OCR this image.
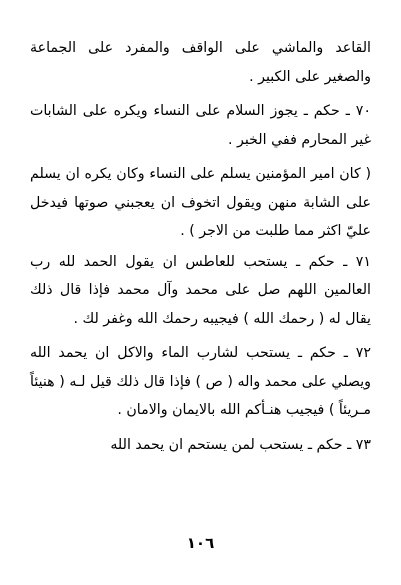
القاعد والماشي على الواقف والمفرد على الجماعة والصغير على الكبير .

٧٠ ـ حكم ـ يجوز السلام على النساء ويكره على الشابات غير المحارم ففي الخبر .

( كان امير المؤمنين يسلم على النساء وكان يكره ان يسلم على الشابة منهن ويقول اتخوف ان يعجبني صوتها فيدخل عليّ اكثر مما طلبت من الاجر ) .

٧١ ـ حكم ـ يستحب للعاطس ان يقول الحمد لله رب العالمين اللهم صل على محمد وآل محمد فإذا قال ذلك يقال له ( رحمك الله ) فيجيبه رحمك الله وغفر لك .

٧٢ ـ حكم ـ يستحب لشارب الماء والاكل ان يحمد الله ويصلي على محمد واله ( ص ) فإذا قال ذلك قيل لـه ( هنيئاً مـريئاً ) فيجيب هنـأكم الله بالايمان والامان .

٧٣ ـ حكم ـ يستحب لمن يستحم ان يحمد الله

١٠٦
